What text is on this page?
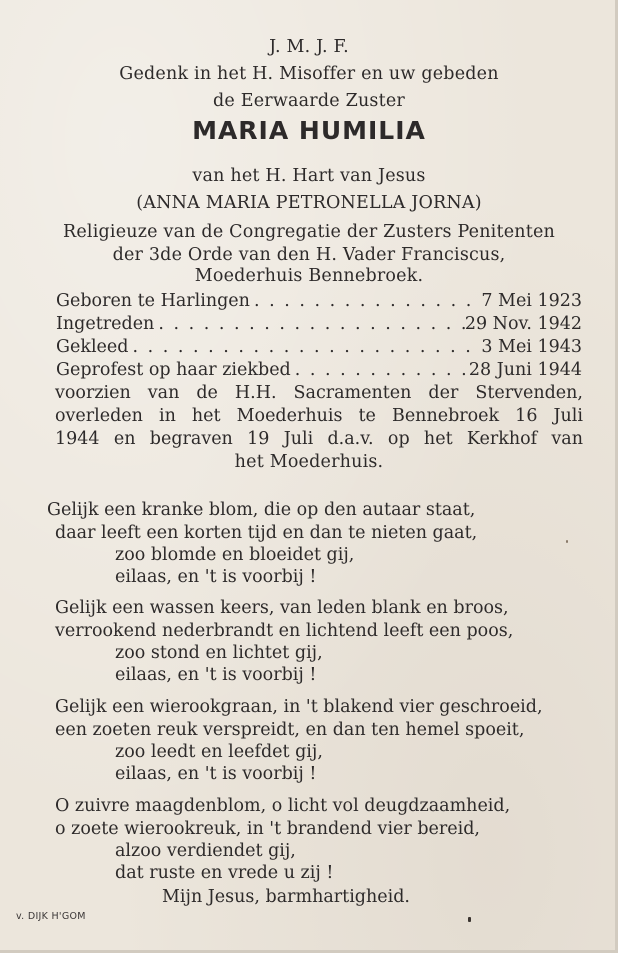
J. M. J. F.
Gedenk in het H. Misoffer en uw gebeden
de Eerwaarde Zuster
MARIA HUMILIA
van het H. Hart van Jesus
(ANNA MARIA PETRONELLA JORNA)
Religieuze van de Congregatie der Zusters Penitenten
der 3de Orde van den H. Vader Franciscus,
Moederhuis Bennebroek.
Geboren te Harlingen . . .	7 Mei 1923
Ingetreden . . .	29 Nov. 1942
Gekleed . . .	3 Mei 1943
Geprofest op haar ziekbed . . .	28 Juni 1944
voorzien van de H.H. Sacramenten der Stervenden,
overleden in het Moederhuis te Bennebroek 16 Juli
1944 en begraven 19 Juli d.a.v. op het Kerkhof van
het Moederhuis.
Gelijk een kranke blom, die op den autaar staat,
daar leeft een korten tijd en dan te nieten gaat,
zoo blomde en bloeidet gij,
eilaas, en 't is voorbij !
Gelijk een wassen keers, van leden blank en broos,
verrookend nederbrandt en lichtend leeft een poos,
zoo stond en lichtet gij,
eilaas, en 't is voorbij !
Gelijk een wierookgraan, in 't blakend vier geschroeid,
een zoeten reuk verspreidt, en dan ten hemel spoeit,
zoo leedt en leefdet gij,
eilaas, en 't is voorbij !
O zuivre maagdenblom, o licht vol deugdzaamheid,
o zoete wierookreuk, in 't brandend vier bereid,
alzoo verdiendet gij,
dat ruste en vrede u zij !
Mijn Jesus, barmhartigheid.
v. DIJK H'GOM
